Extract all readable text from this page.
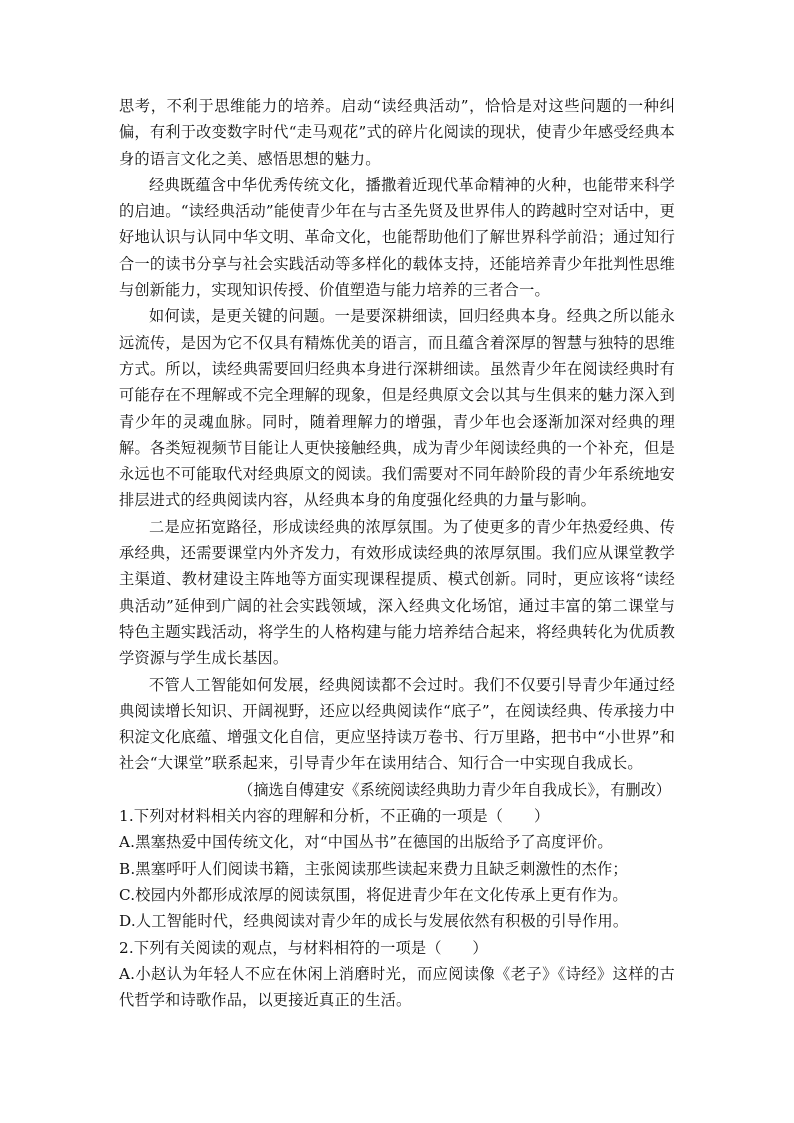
思考，不利于思维能力的培养。启动“读经典活动”，恰恰是对这些问题的一种纠偏，有利于改变数字时代“走马观花”式的碎片化阅读的现状，使青少年感受经典本身的语言文化之美、感悟思想的魅力。

经典既蕴含中华优秀传统文化，播撒着近现代革命精神的火种，也能带来科学的启迪。“读经典活动”能使青少年在与古圣先贤及世界伟人的跨越时空对话中，更好地认识与认同中华文明、革命文化，也能帮助他们了解世界科学前沿；通过知行合一的读书分享与社会实践活动等多样化的载体支持，还能培养青少年批判性思维与创新能力，实现知识传授、价值塑造与能力培养的三者合一。

如何读，是更关键的问题。一是要深耕细读，回归经典本身。经典之所以能永远流传，是因为它不仅具有精炼优美的语言，而且蕴含着深厚的智慧与独特的思维方式。所以，读经典需要回归经典本身进行深耕细读。虽然青少年在阅读经典时有可能存在不理解或不完全理解的现象，但是经典原文会以其与生俱来的魅力深入到青少年的灵魂血脉。同时，随着理解力的增强，青少年也会逐渐加深对经典的理解。各类短视频节目能让人更快接触经典，成为青少年阅读经典的一个补充，但是永远也不可能取代对经典原文的阅读。我们需要对不同年龄阶段的青少年系统地安排层进式的经典阅读内容，从经典本身的角度强化经典的力量与影响。

二是应拓宽路径，形成读经典的浓厚氛围。为了使更多的青少年热爱经典、传承经典，还需要课堂内外齐发力，有效形成读经典的浓厚氛围。我们应从课堂教学主渠道、教材建设主阵地等方面实现课程提质、模式创新。同时，更应该将“读经典活动”延伸到广阔的社会实践领域，深入经典文化场馆，通过丰富的第二课堂与特色主题实践活动，将学生的人格构建与能力培养结合起来，将经典转化为优质教学资源与学生成长基因。

不管人工智能如何发展，经典阅读都不会过时。我们不仅要引导青少年通过经典阅读增长知识、开阔视野，还应以经典阅读作“底子”，在阅读经典、传承接力中积淀文化底蕴、增强文化自信，更应坚持读万卷书、行万里路，把书中“小世界”和社会“大课堂”联系起来，引导青少年在读用结合、知行合一中实现自我成长。

（摘选自傅建安《系统阅读经典助力青少年自我成长》，有删改）

1.下列对材料相关内容的理解和分析，不正确的一项是（　　）

A.黑塞热爱中国传统文化，对“中国丛书”在德国的出版给予了高度评价。

B.黑塞呼吁人们阅读书籍，主张阅读那些读起来费力且缺乏刺激性的杰作；

C.校园内外都形成浓厚的阅读氛围，将促进青少年在文化传承上更有作为。

D.人工智能时代，经典阅读对青少年的成长与发展依然有积极的引导作用。

2.下列有关阅读的观点，与材料相符的一项是（　　）

A.小赵认为年轻人不应在休闲上消磨时光，而应阅读像《老子》《诗经》这样的古代哲学和诗歌作品，以更接近真正的生活。
